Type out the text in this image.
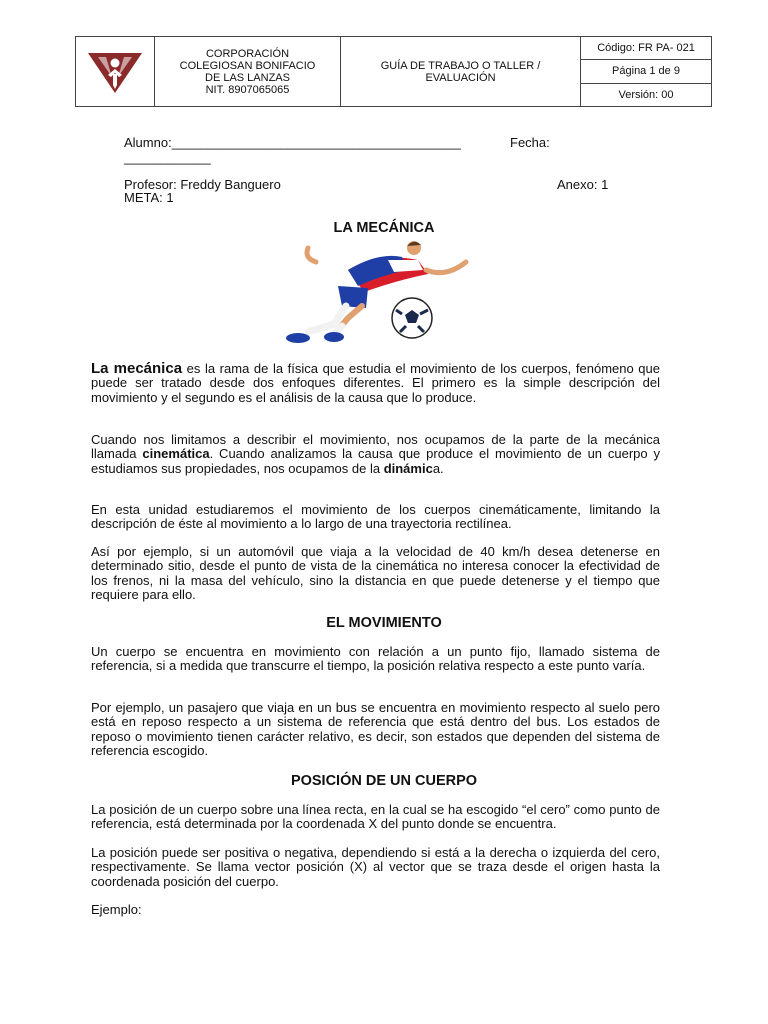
CORPORACIÓN
COLEGIOSAN BONIFACIO
DE LAS LANZAS
NIT. 8907065065
GUÍA DE TRABAJO O TALLER /
EVALUACIÓN
Código: FR PA- 021
Página 1 de 9
Versión: 00
Alumno:________________________________________	Fecha:
____________
Profesor: Freddy Banguero	Anexo: 1
META: 1
LA MECÁNICA
La mecánica es la rama de la física que estudia el movimiento de los cuerpos, fenómeno que puede ser tratado desde dos enfoques diferentes. El primero es la simple descripción del movimiento y el segundo es el análisis de la causa que lo produce.
Cuando nos limitamos a describir el movimiento, nos ocupamos de la parte de la mecánica llamada cinemática. Cuando analizamos la causa que produce el movimiento de un cuerpo y estudiamos sus propiedades, nos ocupamos de la dinámica.
En esta unidad estudiaremos el movimiento de los cuerpos cinemáticamente, limitando la descripción de éste al movimiento a lo largo de una trayectoria rectilínea.
Así por ejemplo, si un automóvil que viaja a la velocidad de 40 km/h desea detenerse en determinado sitio, desde el punto de vista de la cinemática no interesa conocer la efectividad de los frenos, ni la masa del vehículo, sino la distancia en que puede detenerse y el tiempo que requiere para ello.
EL MOVIMIENTO
Un cuerpo se encuentra en movimiento con relación a un punto fijo, llamado sistema de referencia, si a medida que transcurre el tiempo, la posición relativa respecto a este punto varía.
Por ejemplo, un pasajero que viaja en un bus se encuentra en movimiento respecto al suelo pero está en reposo respecto a un sistema de referencia que está dentro del bus. Los estados de reposo o movimiento tienen carácter relativo, es decir, son estados que dependen del sistema de referencia escogido.
POSICIÓN DE UN CUERPO
La posición de un cuerpo sobre una línea recta, en la cual se ha escogido “el cero” como punto de referencia, está determinada por la coordenada X del punto donde se encuentra.
La posición puede ser positiva o negativa, dependiendo si está a la derecha o izquierda del cero, respectivamente. Se llama vector posición (X) al vector que se traza desde el origen hasta la coordenada posición del cuerpo.
Ejemplo:
